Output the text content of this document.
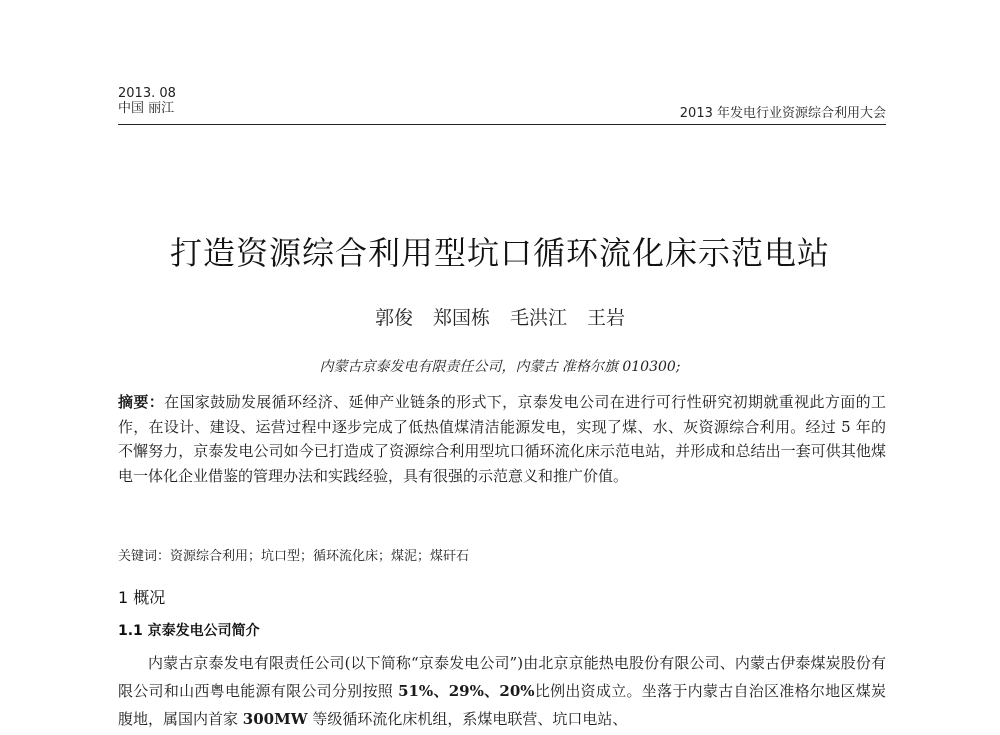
2013. 08
中国 丽江	2013 年发电行业资源综合利用大会
打造资源综合利用型坑口循环流化床示范电站
郭俊 郑国栋 毛洪江 王岩
内蒙古京泰发电有限责任公司，内蒙古 准格尔旗 010300;
摘要：在国家鼓励发展循环经济、延伸产业链条的形式下，京泰发电公司在进行可行性研究初期就重视此方面的工作，在设计、建设、运营过程中逐步完成了低热值煤清洁能源发电，实现了煤、水、灰资源综合利用。经过 5 年的不懈努力，京泰发电公司如今已打造成了资源综合利用型坑口循环流化床示范电站，并形成和总结出一套可供其他煤电一体化企业借鉴的管理办法和实践经验，具有很强的示范意义和推广价值。
关键词：资源综合利用；坑口型；循环流化床；煤泥；煤矸石
1 概况
1.1 京泰发电公司简介
内蒙古京泰发电有限责任公司(以下简称“京泰发电公司”)由北京京能热电股份有限公司、内蒙古伊泰煤炭股份有限公司和山西粤电能源有限公司分别按照 51%、29%、20%比例出资成立。坐落于内蒙古自治区准格尔地区煤炭腹地，属国内首家 300MW 等级循环流化床机组，系煤电联营、坑口电站、
